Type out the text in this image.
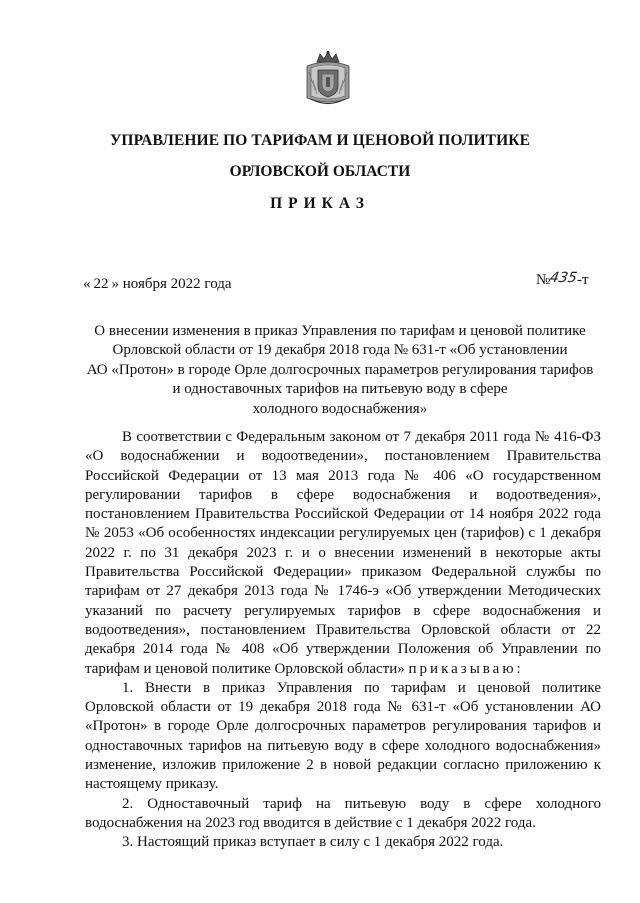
УПРАВЛЕНИЕ ПО ТАРИФАМ И ЦЕНОВОЙ ПОЛИТИКЕ
ОРЛОВСКОЙ ОБЛАСТИ
ПРИКАЗ
« 22 » ноября 2022 года	№435-т
О внесении изменения в приказ Управления по тарифам и ценовой политике
Орловской области от 19 декабря 2018 года № 631-т «Об установлении
АО «Протон» в городе Орле долгосрочных параметров регулирования тарифов
и одноставочных тарифов на питьевую воду в сфере
холодного водоснабжения»

В соответствии с Федеральным законом от 7 декабря 2011 года № 416-ФЗ «О водоснабжении и водоотведении», постановлением Правительства Российской Федерации от 13 мая 2013 года № 406 «О государственном регулировании тарифов в сфере водоснабжения и водоотведения», постановлением Правительства Российской Федерации от 14 ноября 2022 года № 2053 «Об особенностях индексации регулируемых цен (тарифов) с 1 декабря 2022 г. по 31 декабря 2023 г. и о внесении изменений в некоторые акты Правительства Российской Федерации» приказом Федеральной службы по тарифам от 27 декабря 2013 года № 1746-э «Об утверждении Методических указаний по расчету регулируемых тарифов в сфере водоснабжения и водоотведения», постановлением Правительства Орловской области от 22 декабря 2014 года № 408 «Об утверждении Положения об Управлении по тарифам и ценовой политике Орловской области» приказываю:

1. Внести в приказ Управления по тарифам и ценовой политике Орловской области от 19 декабря 2018 года № 631-т «Об установлении АО «Протон» в городе Орле долгосрочных параметров регулирования тарифов и одноставочных тарифов на питьевую воду в сфере холодного водоснабжения» изменение, изложив приложение 2 в новой редакции согласно приложению к настоящему приказу.

2. Одноставочный тариф на питьевую воду в сфере холодного водоснабжения на 2023 год вводится в действие с 1 декабря 2022 года.

3. Настоящий приказ вступает в силу с 1 декабря 2022 года.
